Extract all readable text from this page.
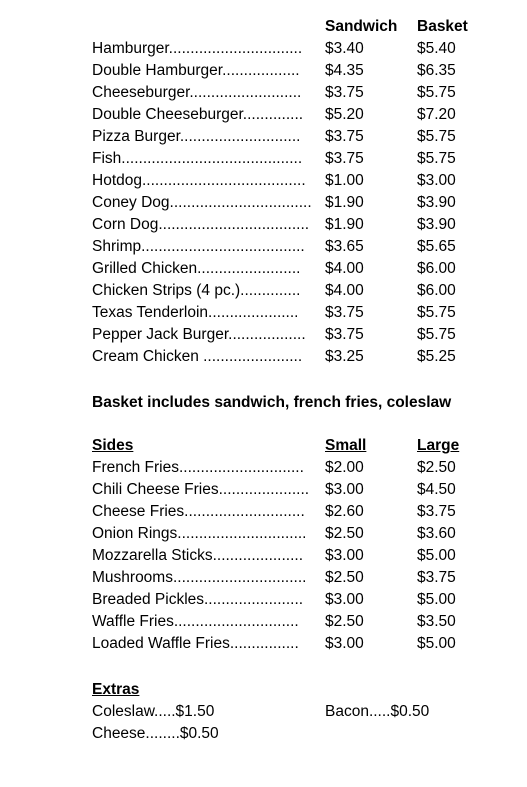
Sandwich Basket
Hamburger............................... $3.40	$5.40
Double Hamburger.................. $4.35	$6.35
Cheeseburger.......................... $3.75	$5.75
Double Cheeseburger.............. $5.20	$7.20
Pizza Burger............................ $3.75	$5.75
Fish.......................................... $3.75	$5.75
Hotdog...................................... $1.00	$3.00
Coney Dog................................. $1.90	$3.90
Corn Dog................................... $1.90	$3.90
Shrimp...................................... $3.65	$5.65
Grilled Chicken........................ $4.00	$6.00
Chicken Strips (4 pc.).............. $4.00	$6.00
Texas Tenderloin..................... $3.75	$5.75
Pepper Jack Burger.................. $3.75	$5.75
Cream Chicken ....................... $3.25	$5.25
Basket includes sandwich, french fries, coleslaw
Sides	Small	Large
French Fries............................. $2.00	$2.50
Chili Cheese Fries..................... $3.00	$4.50
Cheese Fries............................ $2.60	$3.75
Onion Rings.............................. $2.50	$3.60
Mozzarella Sticks..................... $3.00	$5.00
Mushrooms............................... $2.50	$3.75
Breaded Pickles....................... $3.00	$5.00
Waffle Fries............................. $2.50	$3.50
Loaded Waffle Fries................ $3.00	$5.00
Extras
Coleslaw.....$1.50	Bacon.....$0.50
Cheese........$0.50
